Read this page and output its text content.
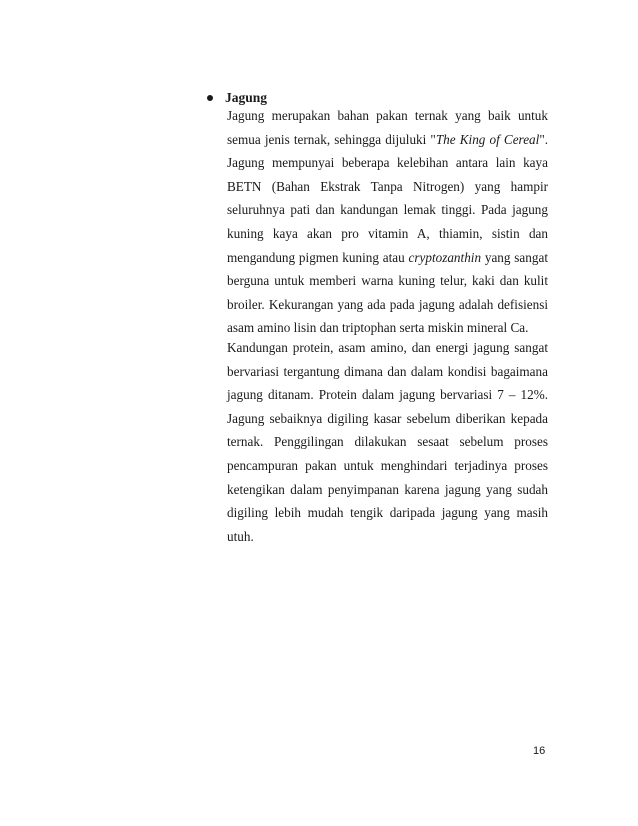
Jagung
Jagung merupakan bahan pakan ternak yang baik untuk
semua jenis ternak, sehingga dijuluki "The King of Cereal".
Jagung mempunyai beberapa kelebihan antara lain kaya
BETN (Bahan Ekstrak Tanpa Nitrogen) yang hampir
seluruhnya pati dan kandungan lemak tinggi. Pada jagung
kuning kaya akan pro vitamin A, thiamin, sistin dan
mengandung pigmen kuning atau cryptozanthin yang sangat
berguna untuk memberi warna kuning telur, kaki dan kulit
broiler. Kekurangan yang ada pada jagung adalah defisiensi
asam amino lisin dan triptophan serta miskin mineral Ca.
Kandungan protein, asam amino, dan energi jagung sangat
bervariasi tergantung dimana dan dalam kondisi bagaimana
jagung ditanam. Protein dalam jagung bervariasi 7 – 12%.
Jagung sebaiknya digiling kasar sebelum diberikan kepada
ternak. Penggilingan dilakukan sesaat sebelum proses
pencampuran pakan untuk menghindari terjadinya proses
ketengikan dalam penyimpanan karena jagung yang sudah
digiling lebih mudah tengik daripada jagung yang masih
utuh.
16
